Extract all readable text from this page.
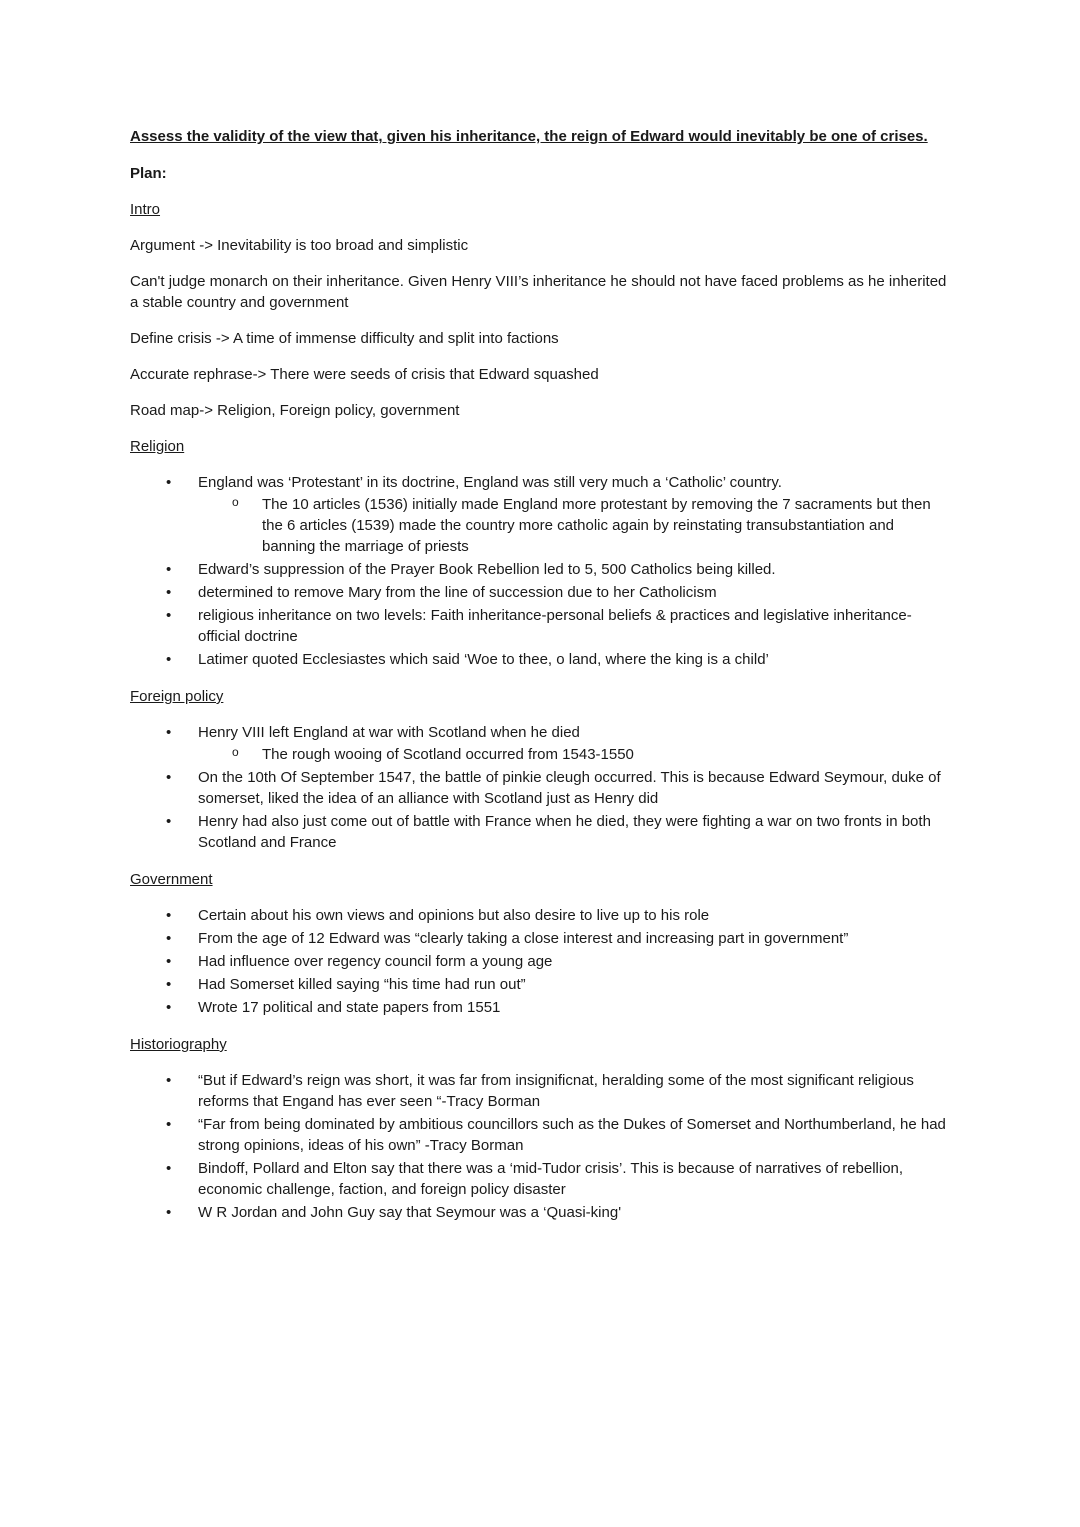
Assess the validity of the view that, given his inheritance, the reign of Edward would inevitably be one of crises.

Plan:

Intro

Argument -> Inevitability is too broad and simplistic

Can't judge monarch on their inheritance. Given Henry VIII’s inheritance he should not have faced problems as he inherited a stable country and government

Define crisis -> A time of immense difficulty and split into factions

Accurate rephrase-> There were seeds of crisis that Edward squashed

Road map-> Religion, Foreign policy, government

Religion

• England was ‘Protestant’ in its doctrine, England was still very much a ‘Catholic’ country.
o The 10 articles (1536) initially made England more protestant by removing the 7 sacraments but then the 6 articles (1539) made the country more catholic again by reinstating transubstantiation and banning the marriage of priests
• Edward’s suppression of the Prayer Book Rebellion led to 5, 500 Catholics being killed.
• determined to remove Mary from the line of succession due to her Catholicism
• religious inheritance on two levels: Faith inheritance-personal beliefs & practices and legislative inheritance-official doctrine
• Latimer quoted Ecclesiastes which said ‘Woe to thee, o land, where the king is a child’

Foreign policy

• Henry VIII left England at war with Scotland when he died
o The rough wooing of Scotland occurred from 1543-1550
• On the 10th Of September 1547, the battle of pinkie cleugh occurred. This is because Edward Seymour, duke of somerset, liked the idea of an alliance with Scotland just as Henry did
• Henry had also just come out of battle with France when he died, they were fighting a war on two fronts in both Scotland and France

Government

• Certain about his own views and opinions but also desire to live up to his role
• From the age of 12 Edward was “clearly taking a close interest and increasing part in government”
• Had influence over regency council form a young age
• Had Somerset killed saying “his time had run out”
• Wrote 17 political and state papers from 1551

Historiography

• “But if Edward’s reign was short, it was far from insignificnat, heralding some of the most significant religious reforms that Engand has ever seen “-Tracy Borman
• “Far from being dominated by ambitious councillors such as the Dukes of Somerset and Northumberland, he had strong opinions, ideas of his own” -Tracy Borman
• Bindoff, Pollard and Elton say that there was a ‘mid-Tudor crisis’. This is because of narratives of rebellion, economic challenge, faction, and foreign policy disaster
• W R Jordan and John Guy say that Seymour was a ‘Quasi-king'
